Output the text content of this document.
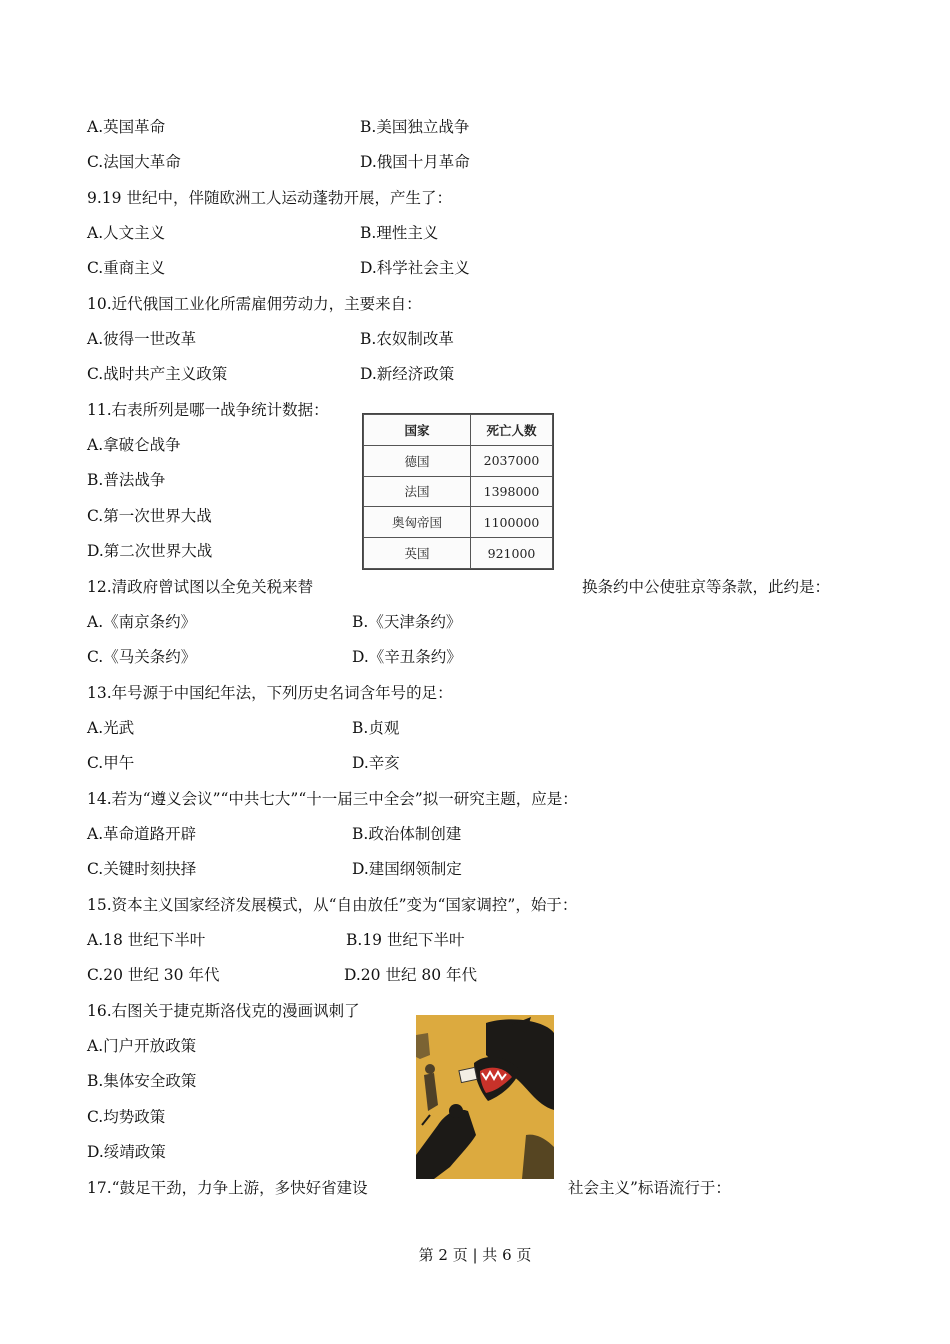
A.英国革命	B.美国独立战争
C.法国大革命	D.俄国十月革命
9.19 世纪中，伴随欧洲工人运动蓬勃开展，产生了：
A.人文主义	B.理性主义
C.重商主义	D.科学社会主义
10.近代俄国工业化所需雇佣劳动力，主要来自：
A.彼得一世改革	B.农奴制改革
C.战时共产主义政策	D.新经济政策
11.右表所列是哪一战争统计数据：
A.拿破仑战争
B.普法战争
C.第一次世界大战
D.第二次世界大战
国家	死亡人数
德国	2037000
法国	1398000
奥匈帝国	1100000
英国	921000
12.清政府曾试图以全免关税来替	换条约中公使驻京等条款，此约是：
A.《南京条约》	B.《天津条约》
C.《马关条约》	D.《辛丑条约》
13.年号源于中国纪年法，下列历史名词含年号的足：
A.光武	B.贞观
C.甲午	D.辛亥
14.若为“遵义会议”“中共七大”“十一届三中全会”拟一研究主题，应是：
A.革命道路开辟	B.政治体制创建
C.关键时刻抉择	D.建国纲领制定
15.资本主义国家经济发展模式，从“自由放任”变为“国家调控”，始于：
A.18 世纪下半叶	B.19 世纪下半叶
C.20 世纪 30 年代	D.20 世纪 80 年代
16.右图关于捷克斯洛伐克的漫画讽刺了
A.门户开放政策
B.集体安全政策
C.均势政策
D.绥靖政策
17.“鼓足干劲，力争上游，多快好省建设	社会主义”标语流行于：
第 2 页 | 共 6 页
